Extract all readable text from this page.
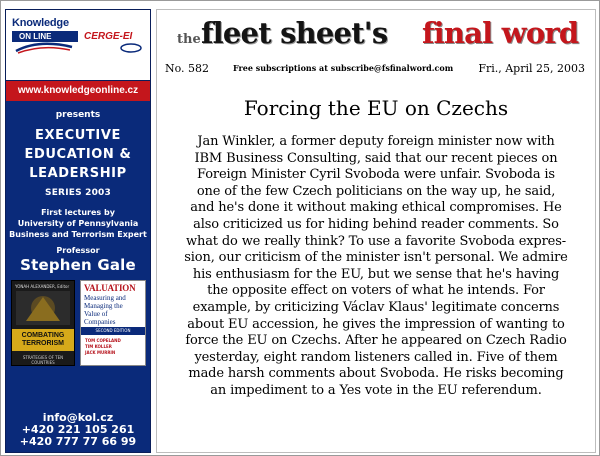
Knowledge
ON LINE	CERGE-EI
www.knowledgeonline.cz
presents
EXECUTIVE
EDUCATION &
LEADERSHIP
SERIES 2003
First lectures by
University of Pennsylvania
Business and Terrorism Expert
Professor
Stephen Gale
YONAH ALEXANDER, Editor
COMBATING
TERRORISM
STRATEGIES OF TEN COUNTRIES
VALUATION
Measuring and
Managing the
Value of
Companies
SECOND EDITION
TOM COPELAND
TIM KOLLER
JACK MURRIN
info@kol.cz
+420 221 105 261
+420 777 77 66 99
the fleet sheet's final word
No. 582	Free subscriptions at subscribe@fsfinalword.com Fri., April 25, 2003
Forcing the EU on Czechs
Jan Winkler, a former deputy foreign minister now with
IBM Business Consulting, said that our recent pieces on
Foreign Minister Cyril Svoboda were unfair. Svoboda is
one of the few Czech politicians on the way up, he said,
and he's done it without making ethical compromises. He
also criticized us for hiding behind reader comments. So
what do we really think? To use a favorite Svoboda expres-
sion, our criticism of the minister isn't personal. We admire
his enthusiasm for the EU, but we sense that he's having
the opposite effect on voters of what he intends. For
example, by criticizing Václav Klaus' legitimate concerns
about EU accession, he gives the impression of wanting to
force the EU on Czechs. After he appeared on Czech Radio
yesterday, eight random listeners called in. Five of them
made harsh comments about Svoboda. He risks becoming
an impediment to a Yes vote in the EU referendum.
